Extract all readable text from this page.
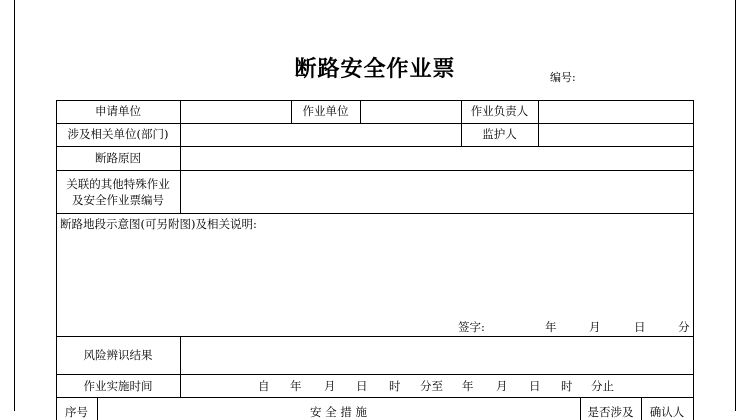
断路安全作业票	编号:
申请单位	作业单位	作业负责人
涉及相关单位(部门)	监护人
断路原因
关联的其他特殊作业
及安全作业票编号
断路地段示意图(可另附图)及相关说明:
签字:	年	月	日	分
风险辨识结果
作业实施时间	自 年 月 日 时 分至 年 月 日 时 分止
序号	安 全 措 施	是否涉及	确认人
